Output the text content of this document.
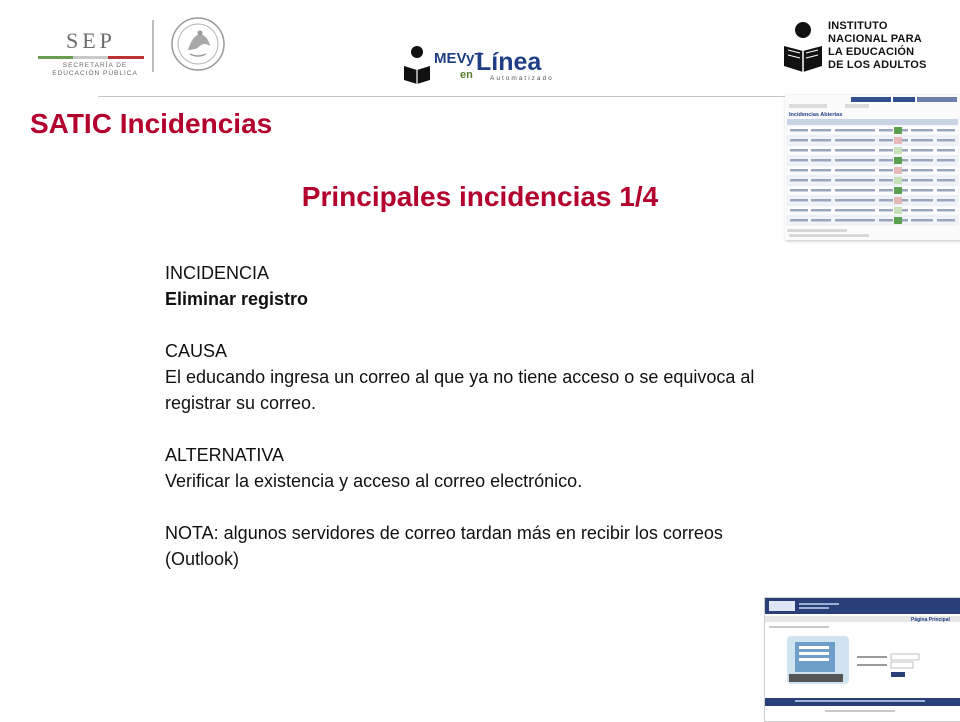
SEP
SECRETARÍA DE
EDUCACIÓN PÚBLICA
MEVyT
en Línea
Automatizado
INSTITUTO
NACIONAL PARA
LA EDUCACIÓN
DE LOS ADULTOS
SATIC Incidencias
Principales incidencias 1/4

INCIDENCIA

Eliminar registro

CAUSA

El educando ingresa un correo al que ya no tiene acceso o se equivoca al registrar su correo.

ALTERNATIVA

Verificar la existencia y acceso al correo electrónico.

NOTA: algunos servidores de correo tardan más en recibir los correos (Outlook)

Incidencias Abiertas
Página Principal
